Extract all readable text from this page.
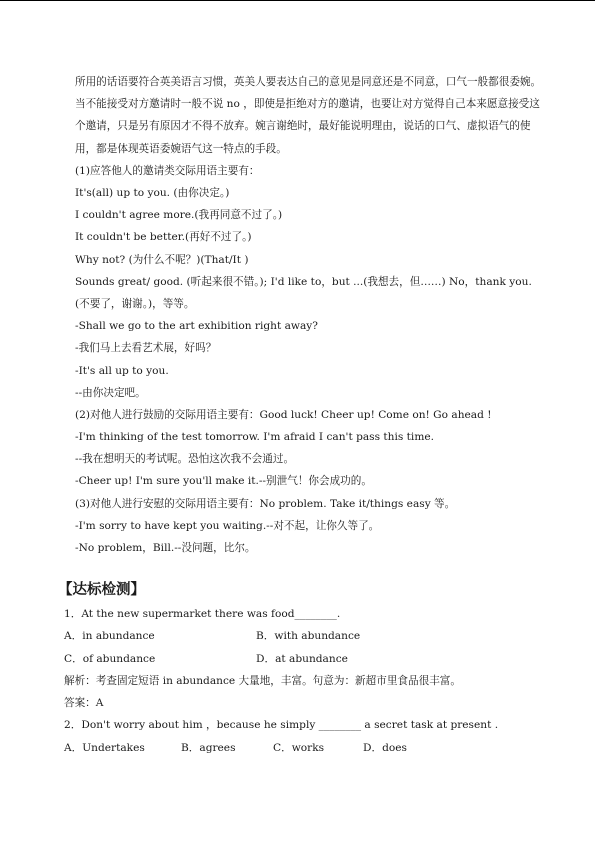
所用的话语要符合英美语言习惯，英美人要表达自己的意见是同意还是不同意，口气一般都很委婉。当不能接受对方邀请时一般不说 no ，即使是拒绝对方的邀请，也要让对方觉得自己本来愿意接受这个邀请，只是另有原因才不得不放弃。婉言谢绝时，最好能说明理由，说话的口气、虚拟语气的使用，都是体现英语委婉语气这一特点的手段。

(1)应答他人的邀请类交际用语主要有：

It's(all) up to you. (由你决定。)

I couldn't agree more.(我再同意不过了。)

It couldn't be better.(再好不过了。)

Why not? (为什么不呢？)(That/It )

Sounds great/ good. (听起来很不错。); I'd like to，but ...(我想去，但……) No，thank you.

(不要了，谢谢。)，等等。

-Shall we go to the art exhibition right away?

-我们马上去看艺术展，好吗？

-It's all up to you.

--由你决定吧。

(2)对他人进行鼓励的交际用语主要有：Good luck! Cheer up! Come on! Go ahead !

-I'm thinking of the test tomorrow. I'm afraid I can't pass this time.

--我在想明天的考试呢。恐怕这次我不会通过。

-Cheer up! I'm sure you'll make it.--别泄气！你会成功的。

(3)对他人进行安慰的交际用语主要有：No problem. Take it/things easy 等。

-I'm sorry to have kept you waiting.--对不起，让你久等了。

-No problem，Bill.--没问题，比尔。

【达标检测】
1．At the new supermarket there was food________.
A．in abundance	B．with abundance
C．of abundance	D．at abundance
解析：考查固定短语 in abundance 大量地，丰富。句意为：新超市里食品很丰富。
答案：A
2．Don't worry about him ，because he simply ________ a secret task at present .
A．Undertakes	B．agrees	C．works	D．does
